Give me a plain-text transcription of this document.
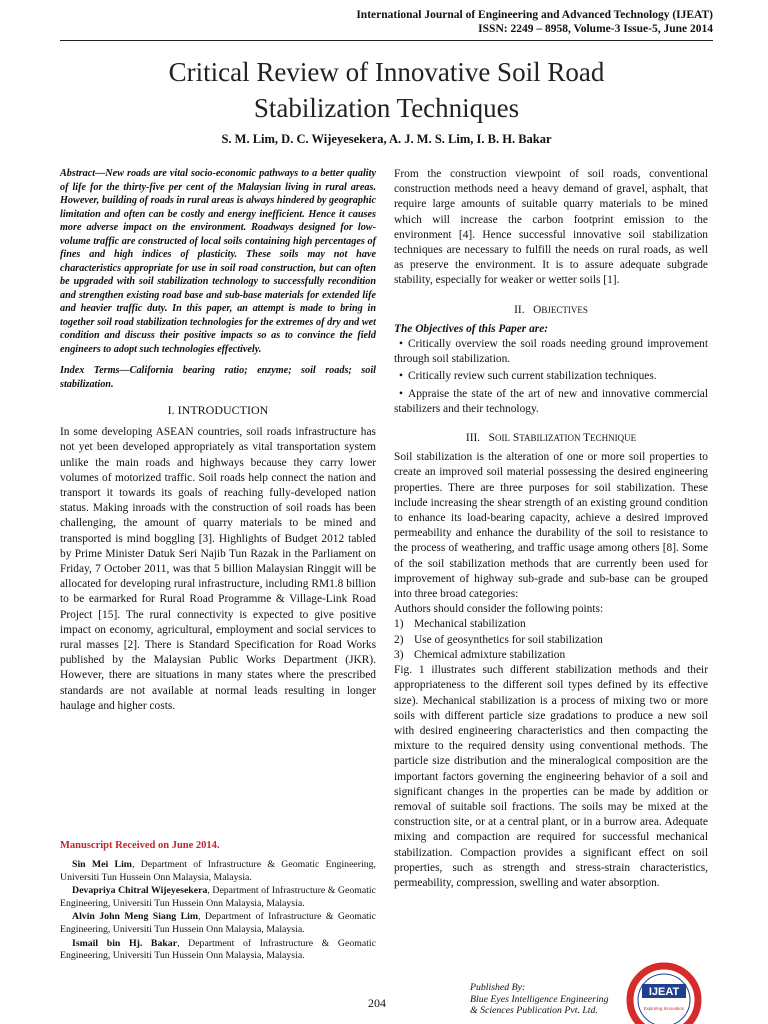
International Journal of Engineering and Advanced Technology (IJEAT)
ISSN: 2249 – 8958, Volume-3 Issue-5, June 2014
Critical Review of Innovative Soil Road
Stabilization Techniques
S. M. Lim, D. C. Wijeyesekera, A. J. M. S. Lim, I. B. H. Bakar

Abstract—New roads are vital socio-economic pathways to a better quality of life for the thirty-five per cent of the Malaysian living in rural areas. However, building of roads in rural areas is always hindered by geographic limitation and often can be costly and energy inefficient. Hence it causes more adverse impact on the environment. Roadways designed for low-volume traffic are constructed of local soils containing high percentages of fines and high indices of plasticity. These soils may not have characteristics appropriate for use in soil road construction, but can often be upgraded with soil stabilization technology to successfully recondition and strengthen existing road base and sub-base materials for extended life and heavier traffic duty. In this paper, an attempt is made to bring in together soil road stabilization technologies for the extremes of dry and wet condition and discuss their positive impacts so as to convince the field engineers to adopt such technologies effectively.

Index Terms—California bearing ratio; enzyme; soil roads; soil stabilization.

I. INTRODUCTION

In some developing ASEAN countries, soil roads infrastructure has not yet been developed appropriately as vital transportation system unlike the main roads and highways because they carry lower volumes of motorized traffic. Soil roads help connect the nation and transport it towards its goals of reaching fully-developed nation status. Making inroads with the construction of soil roads has been challenging, the amount of quarry materials to be mined and transported is mind boggling [3]. Highlights of Budget 2012 tabled by Prime Minister Datuk Seri Najib Tun Razak in the Parliament on Friday, 7 October 2011, was that 5 billion Malaysian Ringgit will be allocated for developing rural infrastructure, including RM1.8 billion to be earmarked for Rural Road Programme & Village-Link Road Project [15]. The rural connectivity is expected to give positive impact on economy, agricultural, employment and social services to rural masses [2]. There is Standard Specification for Road Works published by the Malaysian Public Works Department (JKR). However, there are situations in many states where the prescribed standards are not available at normal leads resulting in longer haulage and higher costs.

Manuscript Received on June 2014.

Sin Mei Lim, Department of Infrastructure & Geomatic Engineering, Universiti Tun Hussein Onn Malaysia, Malaysia.

Devapriya Chitral Wijeyesekera, Department of Infrastructure & Geomatic Engineering, Universiti Tun Hussein Onn Malaysia, Malaysia.

Alvin John Meng Siang Lim, Department of Infrastructure & Geomatic Engineering, Universiti Tun Hussein Onn Malaysia, Malaysia.

Ismail bin Hj. Bakar, Department of Infrastructure & Geomatic Engineering, Universiti Tun Hussein Onn Malaysia, Malaysia.

From the construction viewpoint of soil roads, conventional construction methods need a heavy demand of gravel, asphalt, that require large amounts of suitable quarry materials to be mined which will increase the carbon footprint emission to the environment [4]. Hence successful innovative soil stabilization techniques are necessary to fulfill the needs on rural roads, as well as preserve the environment. It is to assure adequate subgrade stability, especially for weaker or wetter soils [1].

II.   OBJECTIVES

The Objectives of this Paper are:

• Critically overview the soil roads needing ground improvement through soil stabilization.

• Critically review such current stabilization techniques.

• Appraise the state of the art of new and innovative commercial stabilizers and their technology.

III.   SOIL STABILIZATION TECHNIQUE

Soil stabilization is the alteration of one or more soil properties to create an improved soil material possessing the desired engineering properties. There are three purposes for soil stabilization. These include increasing the shear strength of an existing ground condition to enhance its load-bearing capacity, achieve a desired improved permeability and enhance the durability of the soil to resistance to the process of weathering, and traffic usage among others [8]. Some of the soil stabilization methods that are currently been used for improvement of highway sub-grade and sub-base can be grouped into three broad categories:

Authors should consider the following points:

1) Mechanical stabilization
2) Use of geosynthetics for soil stabilization
3) Chemical admixture stabilization

Fig. 1 illustrates such different stabilization methods and their appropriateness to the different soil types defined by its effective size). Mechanical stabilization is a process of mixing two or more soils with different particle size gradations to produce a new soil with desired engineering characteristics and then compacting the mixture to the required density using conventional methods. The particle size distribution and the mineralogical composition are the important factors governing the engineering behavior of a soil and significant changes in the properties can be made by addition or removal of suitable soil fractions. The soils may be mixed at the construction site, or at a central plant, or in a burrow area. Adequate mixing and compaction are required for successful mechanical stabilization. Compaction provides a significant effect on soil properties, such as strength and stress-strain characteristics, permeability, compression, swelling and water absorption.

204
Published By:
Blue Eyes Intelligence Engineering
& Sciences Publication Pvt. Ltd.
IJEAT
Exploring Innovation
